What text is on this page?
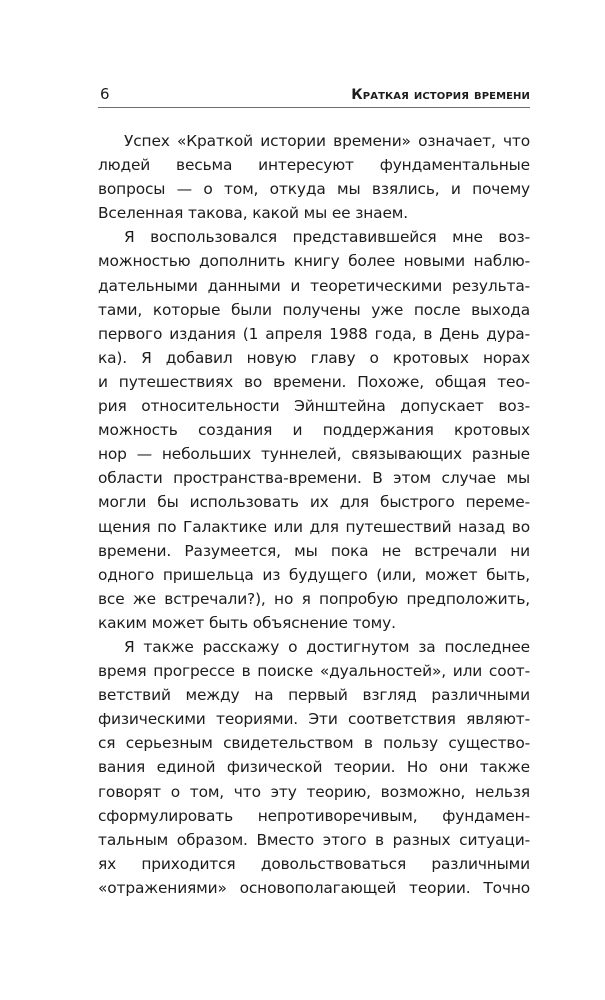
6	Краткая история времени
Успех «Краткой истории времени» означает, что
людей весьма интересуют фундаментальные
вопросы — о том, откуда мы взялись, и почему
Вселенная такова, какой мы ее знаем.
Я воспользовался представившейся мне воз-
можностью дополнить книгу более новыми наблю-
дательными данными и теоретическими результа-
тами, которые были получены уже после выхода
первого издания (1 апреля 1988 года, в День дура-
ка). Я добавил новую главу о кротовых норах
и путешествиях во времени. Похоже, общая тео-
рия относительности Эйнштейна допускает воз-
можность создания и поддержания кротовых
нор — небольших туннелей, связывающих разные
области пространства-времени. В этом случае мы
могли бы использовать их для быстрого переме-
щения по Галактике или для путешествий назад во
времени. Разумеется, мы пока не встречали ни
одного пришельца из будущего (или, может быть,
все же встречали?), но я попробую предположить,
каким может быть объяснение тому.
Я также расскажу о достигнутом за последнее
время прогрессе в поиске «дуальностей», или соот-
ветствий между на первый взгляд различными
физическими теориями. Эти соответствия являют-
ся серьезным свидетельством в пользу существо-
вания единой физической теории. Но они также
говорят о том, что эту теорию, возможно, нельзя
сформулировать непротиворечивым, фундамен-
тальным образом. Вместо этого в разных ситуаци-
ях приходится довольствоваться различными
«отражениями» основополагающей теории. Точно
